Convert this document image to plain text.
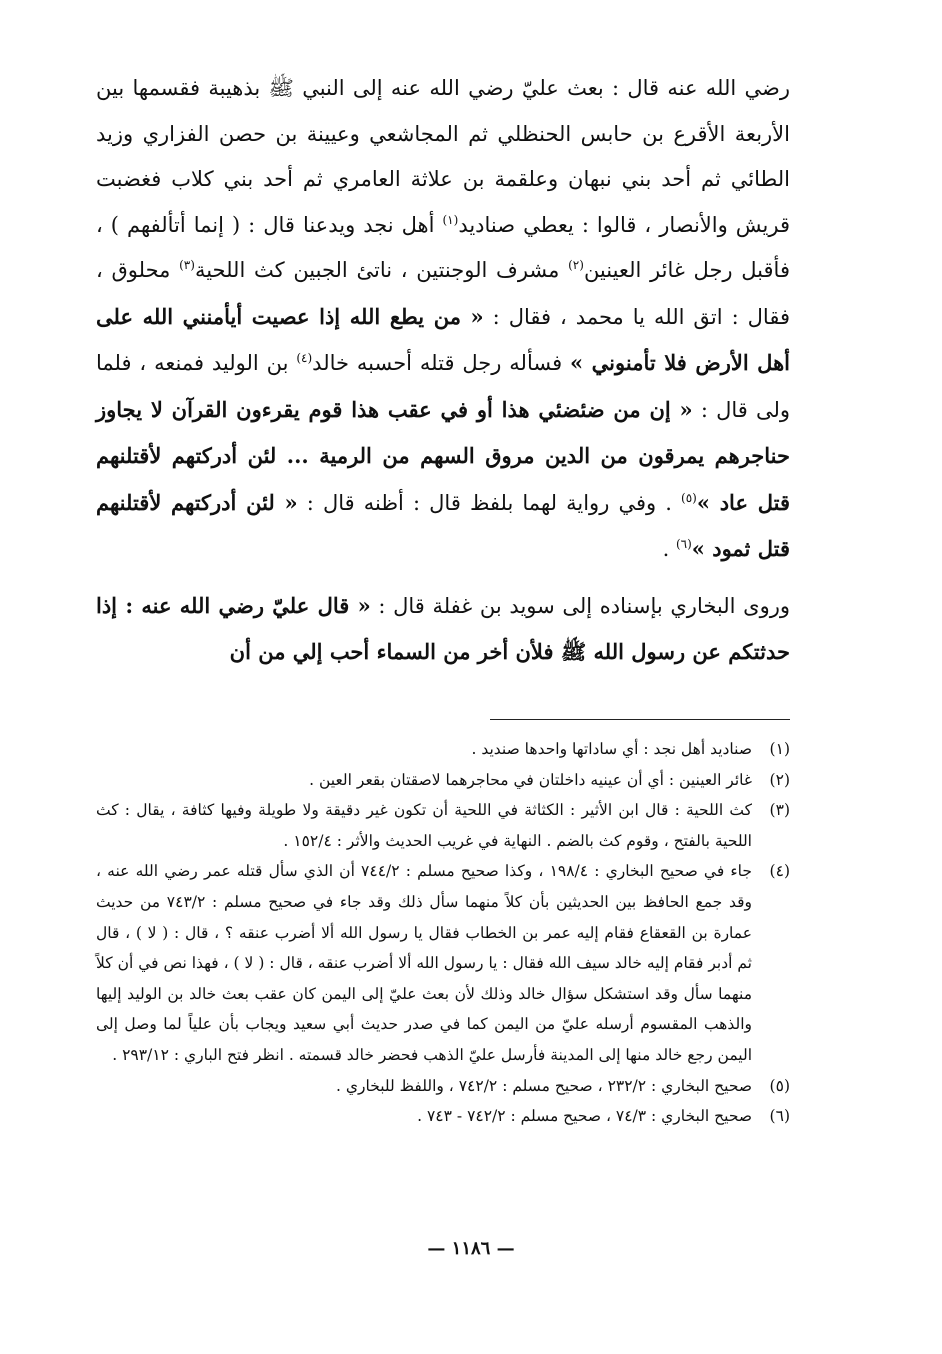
رضي الله عنه قال : بعث عليّ رضي الله عنه إلى النبي ﷺ بذهيبة فقسمها بين الأربعة الأقرع بن حابس الحنظلي ثم المجاشعي وعيينة بن حصن الفزاري وزيد الطائي ثم أحد بني نبهان وعلقمة بن علاثة العامري ثم أحد بني كلاب فغضبت قريش والأنصار ، قالوا : يعطي صناديد$^{(١)}$ أهل نجد ويدعنا قال : ( إنما أتألفهم ) ، فأقبل رجل غائر العينين$^{(٢)}$ مشرف الوجنتين ، ناتئ الجبين كث اللحية$^{(٣)}$ محلوق ، فقال : اتق الله يا محمد ، فقال : « من يطع الله إذا عصيت أيأمنني الله على أهل الأرض فلا تأمنوني » فسأله رجل قتله أحسبه خالد$^{(٤)}$ بن الوليد فمنعه ، فلما ولى قال : « إن من ضئضئي هذا أو في عقب هذا قوم يقرءون القرآن لا يجاوز حناجرهم يمرقون من الدين مروق السهم من الرمية ... لئن أدركتهم لأقتلنهم قتل عاد »$^{(٥)}$ . وفي رواية لهما بلفظ قال : أظنه قال : « لئن أدركتهم لأقتلنهم قتل ثمود »$^{(٦)}$ .

وروى البخاري بإسناده إلى سويد بن غفلة قال : « قال عليّ رضي الله عنه : إذا حدثتكم عن رسول الله ﷺ فلأن أخر من السماء أحب إلي من أن

(١)
صناديد أهل نجد : أي ساداتها واحدها صنديد .
(٢)
غائر العينين : أي أن عينيه داخلتان في محاجرهما لاصقتان بقعر العين .
(٣)
كث اللحية : قال ابن الأثير : الكثاثة في اللحية أن تكون غير دقيقة ولا طويلة وفيها كثافة ، يقال : كث اللحية بالفتح ، وقوم كث بالضم . النهاية في غريب الحديث والأثر : ١٥٢/٤ .
(٤)
جاء في صحيح البخاري : ١٩٨/٤ ، وكذا صحيح مسلم : ٧٤٤/٢ أن الذي سأل قتله عمر رضي الله عنه ، وقد جمع الحافظ بين الحديثين بأن كلاً منهما سأل ذلك وقد جاء في صحيح مسلم : ٧٤٣/٢ من حديث عمارة بن القعقاع فقام إليه عمر بن الخطاب فقال يا رسول الله ألا أضرب عنقه ؟ ، قال : ( لا ) ، قال ثم أدبر فقام إليه خالد سيف الله فقال : يا رسول الله ألا أضرب عنقه ، قال : ( لا ) ، فهذا نص في أن كلاً منهما سأل وقد استشكل سؤال خالد وذلك لأن بعث عليّ إلى اليمن كان عقب بعث خالد بن الوليد إليها والذهب المقسوم أرسله عليّ من اليمن كما في صدر حديث أبي سعيد ويجاب بأن علياً لما وصل إلى اليمن رجع خالد منها إلى المدينة فأرسل عليّ الذهب فحضر خالد قسمته . انظر فتح الباري : ٢٩٣/١٢ .
(٥)
صحيح البخاري : ٢٣٢/٢ ، صحيح مسلم : ٧٤٢/٢ ، واللفظ للبخاري .
(٦)
صحيح البخاري : ٧٤/٣ ، صحيح مسلم : ٧٤٢/٢ - ٧٤٣ .
— ١١٨٦ —
